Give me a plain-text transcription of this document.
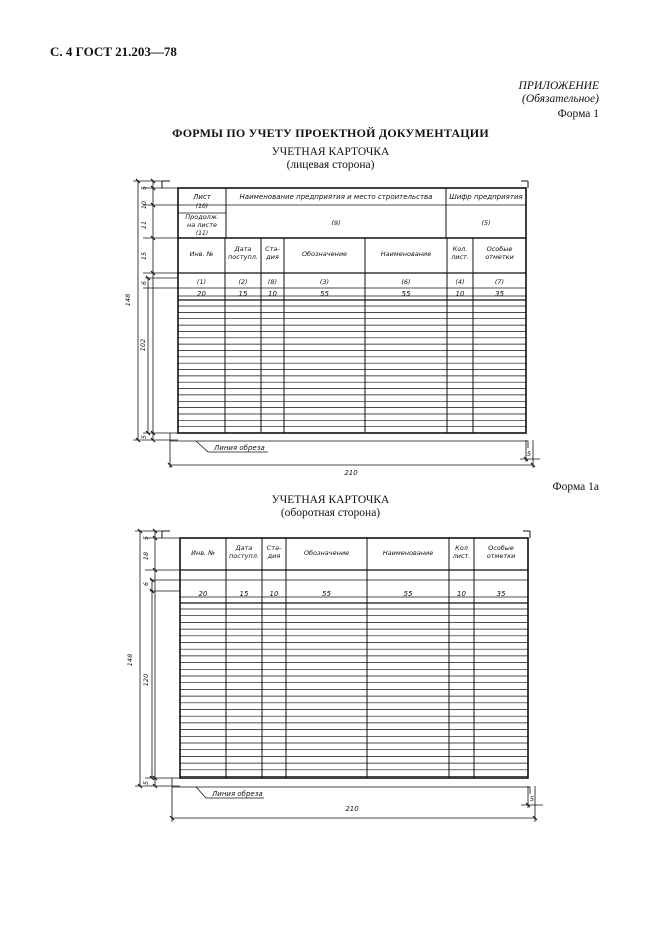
С. 4 ГОСТ 21.203—78
ПРИЛОЖЕНИЕ
(Обязательное)
Форма 1
ФОРМЫ ПО УЧЕТУ ПРОЕКТНОЙ ДОКУМЕНТАЦИИ
УЧЕТНАЯ КАРТОЧКА
(лицевая сторона)
Лист
(10)
Продолж.
на листе
(11)
Наименование предприятия и место строительства
(9)
Шифр предприятия
(5)
Инв. №
(1)
20
Дата
поступл.
(2)
15
Ста-
дия
(8)
10
Обозначение
(3)
55
Наименование
(6)
55
Кол.
лист.
(4)
10
Особые
отметки
(7)
35
10
11
15
5
6
102
5
148
210
5
Линия обреза
Форма 1а
УЧЕТНАЯ КАРТОЧКА
(оборотная сторона)
Инв. №
20
Дата
поступл.
15
Ста-
дия
10
Обозначение
55
Наименование
55
Кол
лист.
10
Особые
отметки
35
5
18
6
120
5
148
210
5
Линия обреза
